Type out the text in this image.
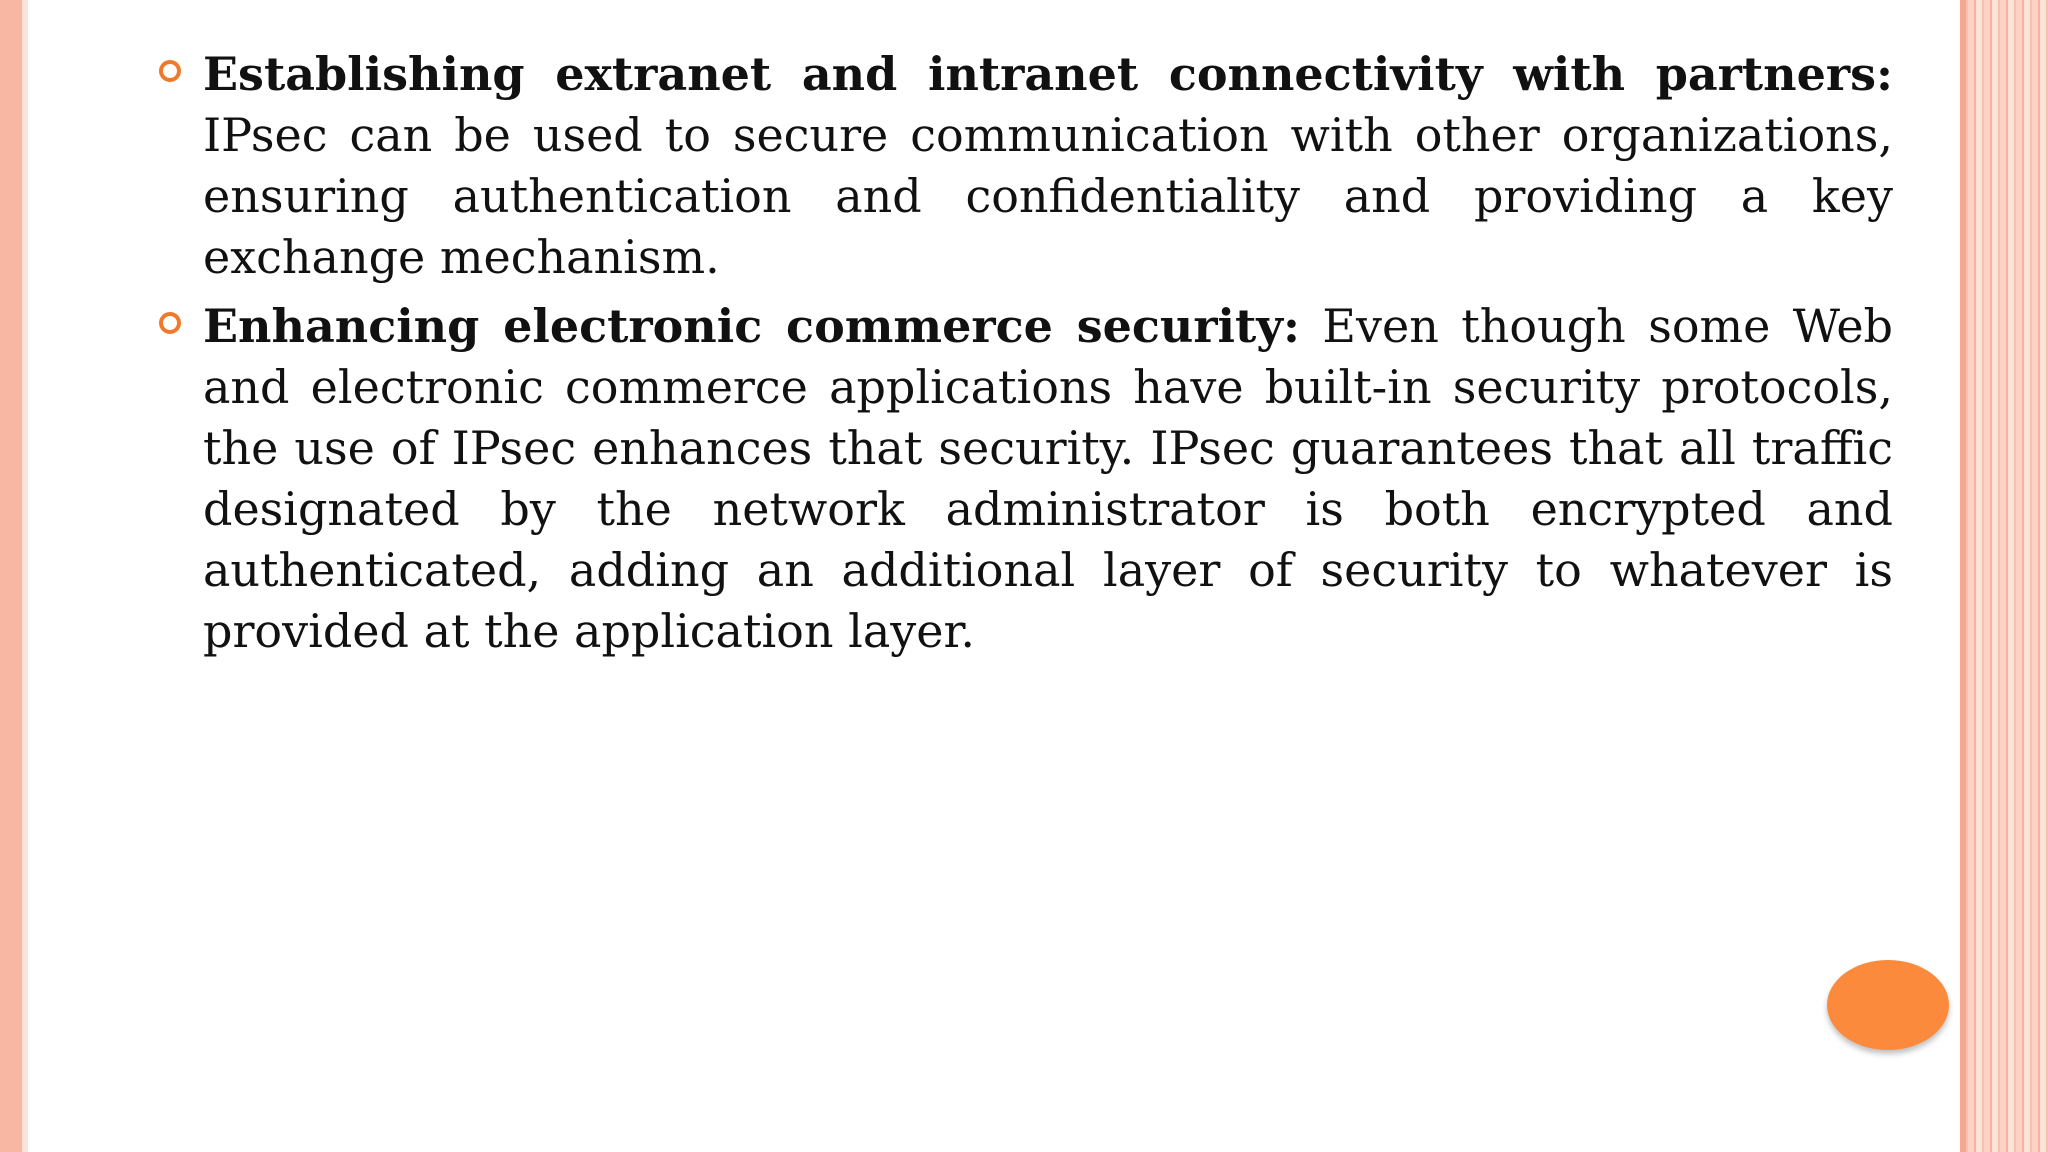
Establishing extranet and intranet connectivity with partners: IPsec can be used to secure communication with other organizations, ensuring authentication and confidentiality and providing a key exchange mechanism.

Enhancing electronic commerce security: Even though some Web and electronic commerce applications have built-in security protocols, the use of IPsec enhances that security. IPsec guarantees that all traffic designated by the network administrator is both encrypted and authenticated, adding an additional layer of security to whatever is provided at the application layer.
